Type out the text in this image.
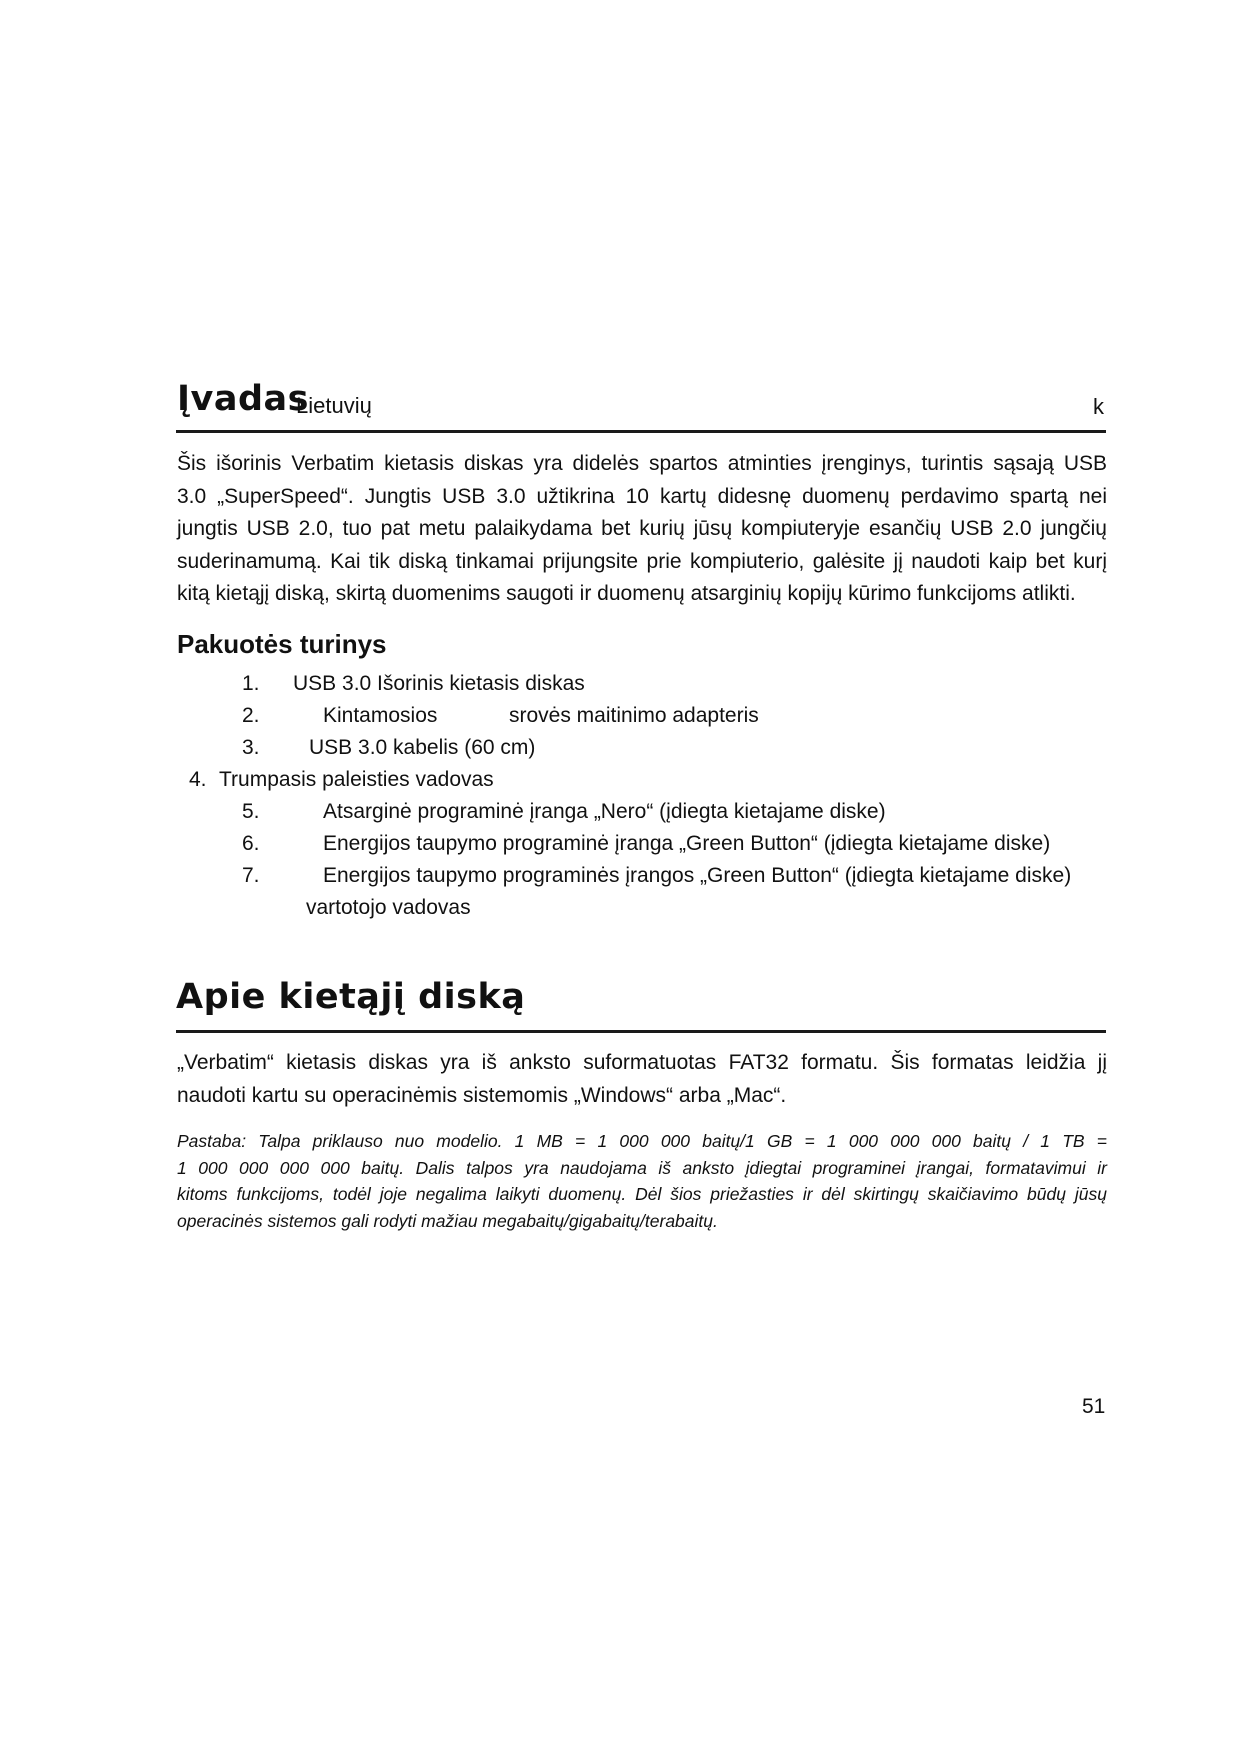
Įvadas
Lietuvių	k
Šis išorinis Verbatim kietasis diskas yra didelės spartos atminties įrenginys, turintis sąsają USB
3.0 „SuperSpeed“. Jungtis USB 3.0 užtikrina 10 kartų didesnę duomenų perdavimo spartą nei
jungtis USB 2.0, tuo pat metu palaikydama bet kurių jūsų kompiuteryje esančių USB 2.0 jungčių
suderinamumą. Kai tik diską tinkamai prijungsite prie kompiuterio, galėsite jį naudoti kaip bet kurį
kitą kietąjį diską, skirtą duomenims saugoti ir duomenų atsarginių kopijų kūrimo funkcijoms atlikti.
Pakuotės turinys
1. USB 3.0 Išorinis kietasis diskas
2.	Kintamosios	srovės maitinimo adapteris
3. USB 3.0 kabelis (60 cm)
4. Trumpasis paleisties vadovas
5.	Atsarginė programinė įranga „Nero“ (įdiegta kietajame diske)
6.	Energijos taupymo programinė įranga „Green Button“ (įdiegta kietajame diske)
7.	Energijos taupymo programinės įrangos „Green Button“ (įdiegta kietajame diske)
vartotojo vadovas
Apie kietąjį diską
„Verbatim“ kietasis diskas yra iš anksto suformatuotas FAT32 formatu. Šis formatas leidžia jį
naudoti kartu su operacinėmis sistemomis „Windows“ arba „Mac“.
Pastaba: Talpa priklauso nuo modelio. 1 MB = 1 000 000 baitų/1 GB = 1 000 000 000 baitų / 1 TB =
1 000 000 000 000 baitų. Dalis talpos yra naudojama iš anksto įdiegtai programinei įrangai, formatavimui ir
kitoms funkcijoms, todėl joje negalima laikyti duomenų. Dėl šios priežasties ir dėl skirtingų skaičiavimo būdų jūsų
operacinės sistemos gali rodyti mažiau megabaitų/gigabaitų/terabaitų.
51
